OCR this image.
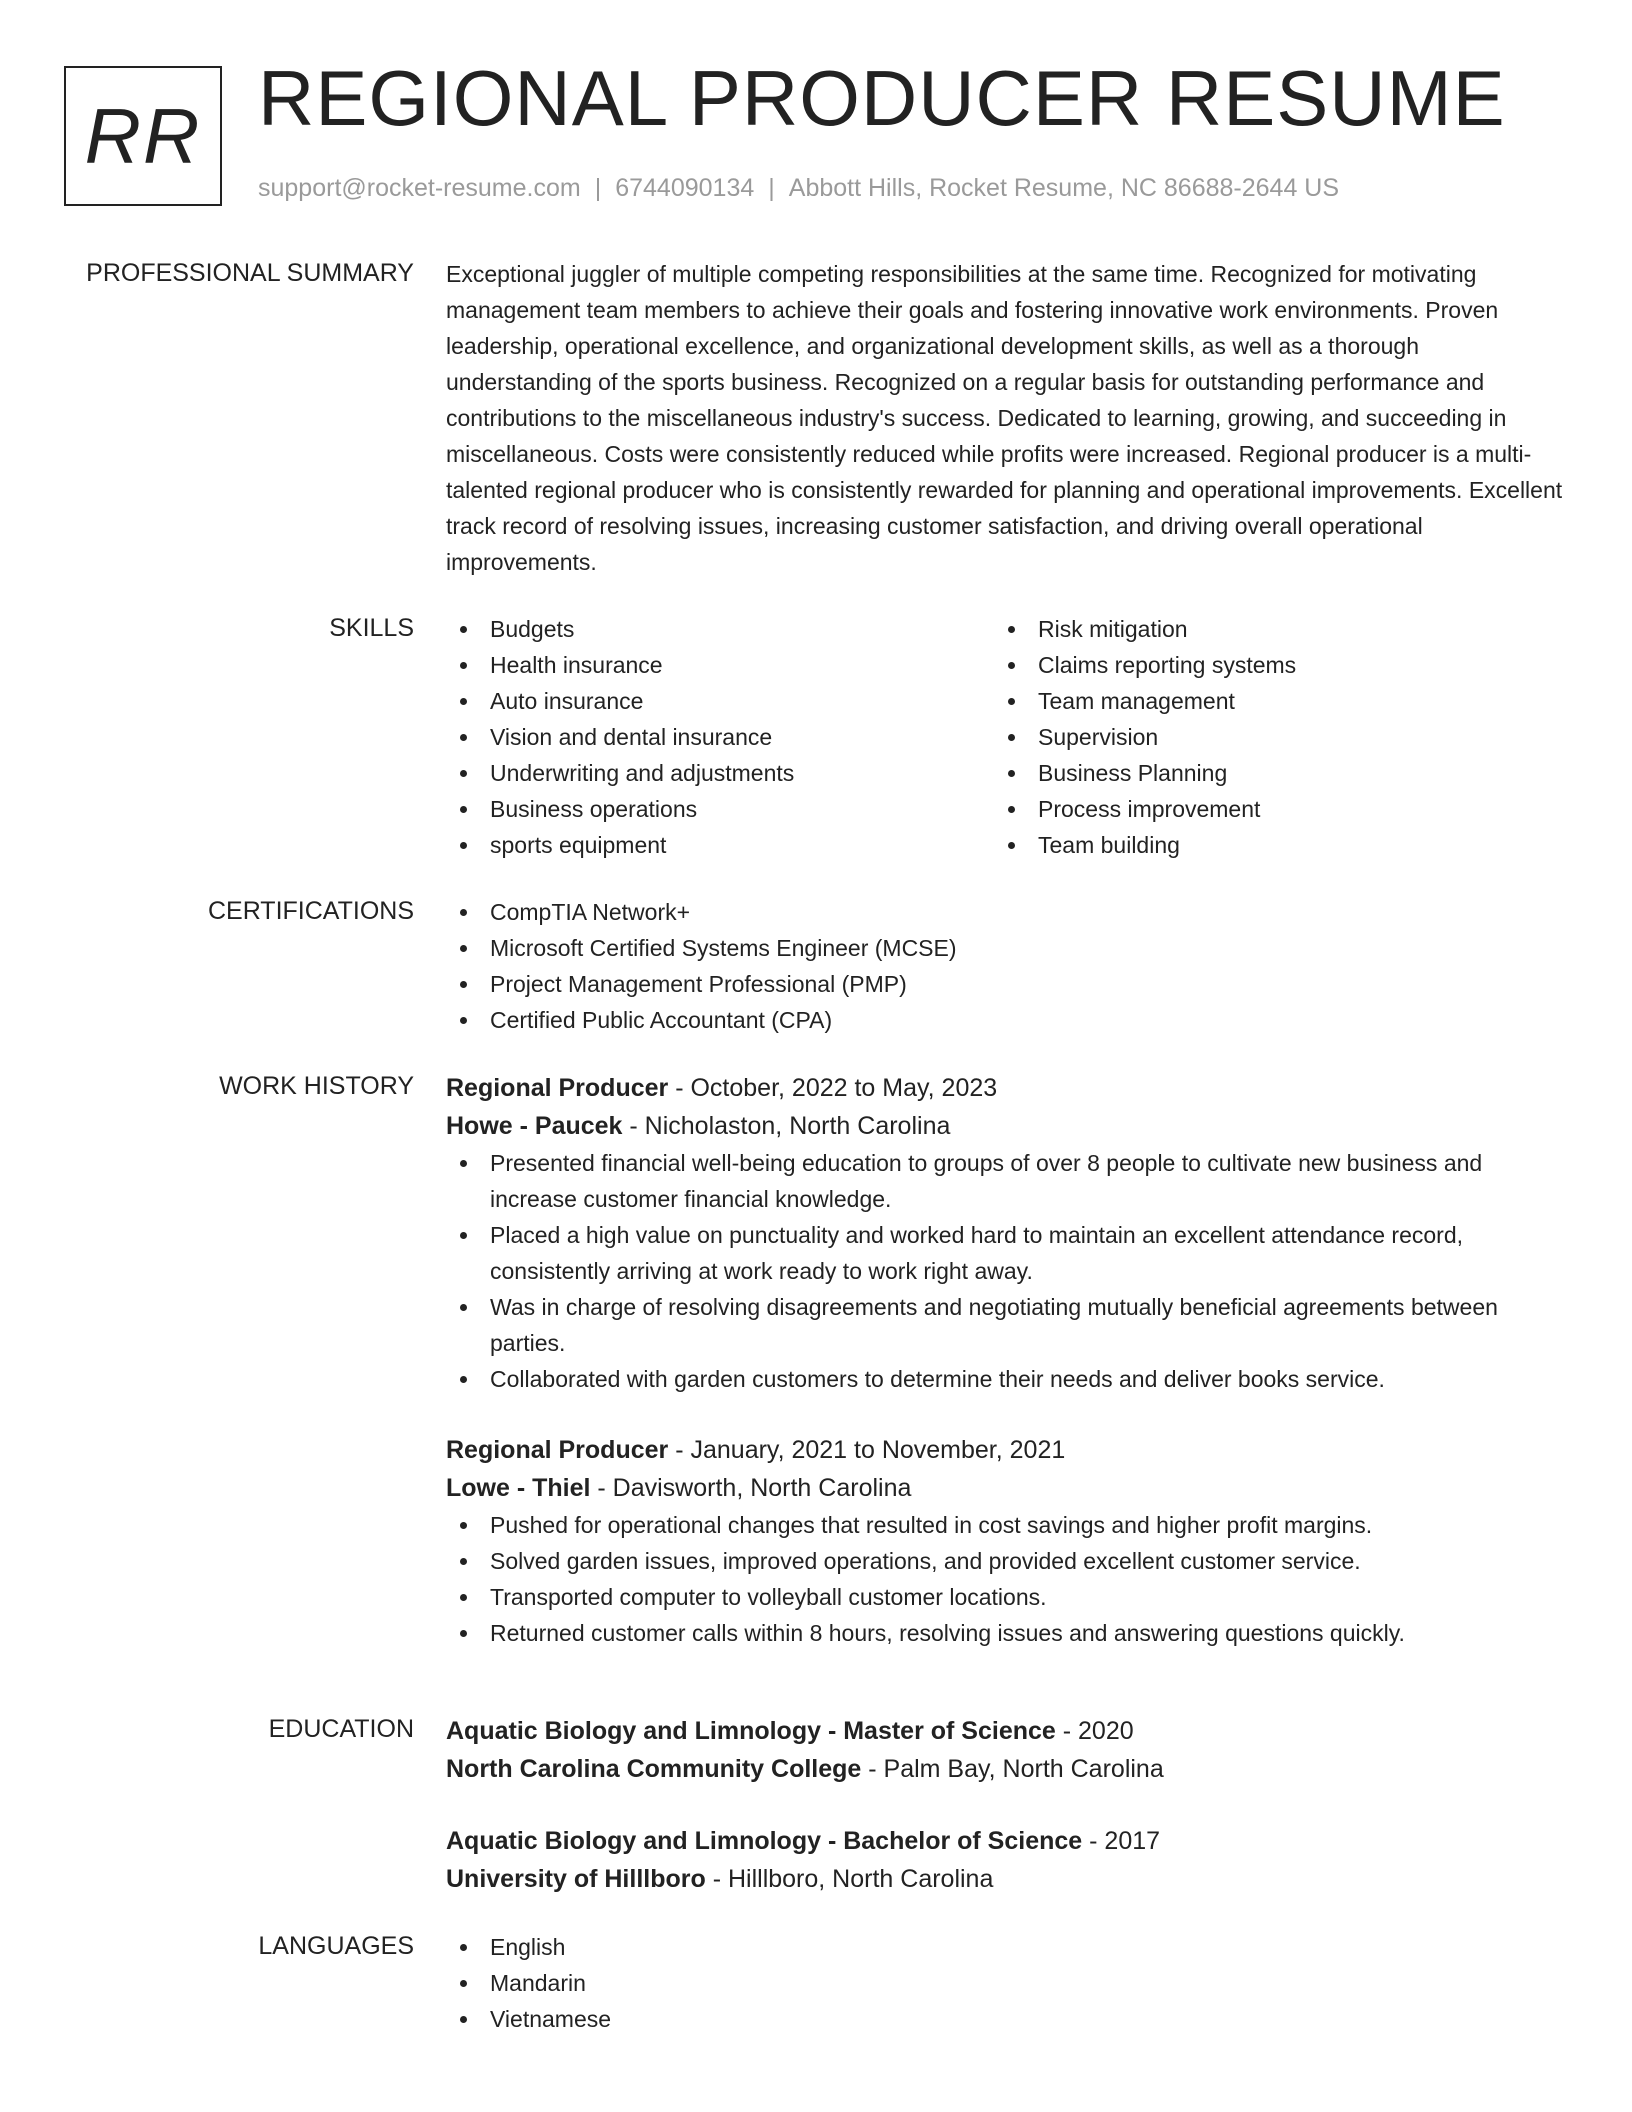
RR REGIONAL PRODUCER RESUME
support@rocket-resume.com | 6744090134 | Abbott Hills, Rocket Resume, NC 86688-2644 US
PROFESSIONAL SUMMARY Exceptional juggler of multiple competing responsibilities at the same time. Recognized for motivating management team members to achieve their goals and fostering innovative work environments. Proven leadership, operational excellence, and organizational development skills, as well as a thorough understanding of the sports business. Recognized on a regular basis for outstanding performance and contributions to the miscellaneous industry's success. Dedicated to learning, growing, and succeeding in miscellaneous. Costs were consistently reduced while profits were increased. Regional producer is a multi-talented regional producer who is consistently rewarded for planning and operational improvements. Excellent track record of resolving issues, increasing customer satisfaction, and driving overall operational improvements.

SKILLS	Budgets
Health insurance
Auto insurance
Vision and dental insurance
Underwriting and adjustments
Business operations
sports equipment
Risk mitigation
Claims reporting systems
Team management
Supervision
Business Planning
Process improvement
Team building
CERTIFICATIONS	CompTIA Network+
Microsoft Certified Systems Engineer (MCSE)
Project Management Professional (PMP)
Certified Public Accountant (CPA)
WORK HISTORY Regional Producer - October, 2022 to May, 2023
Howe - Paucek - Nicholaston, North Carolina
Presented financial well-being education to groups of over 8 people to cultivate new business and increase customer financial knowledge.
Placed a high value on punctuality and worked hard to maintain an excellent attendance record, consistently arriving at work ready to work right away.
Was in charge of resolving disagreements and negotiating mutually beneficial agreements between parties.
Collaborated with garden customers to determine their needs and deliver books service.
Regional Producer - January, 2021 to November, 2021
Lowe - Thiel - Davisworth, North Carolina
Pushed for operational changes that resulted in cost savings and higher profit margins.
Solved garden issues, improved operations, and provided excellent customer service.
Transported computer to volleyball customer locations.
Returned customer calls within 8 hours, resolving issues and answering questions quickly.
EDUCATION Aquatic Biology and Limnology - Master of Science - 2020
North Carolina Community College - Palm Bay, North Carolina
Aquatic Biology and Limnology - Bachelor of Science - 2017
University of Hilllboro - Hilllboro, North Carolina
LANGUAGES	English
Mandarin
Vietnamese
